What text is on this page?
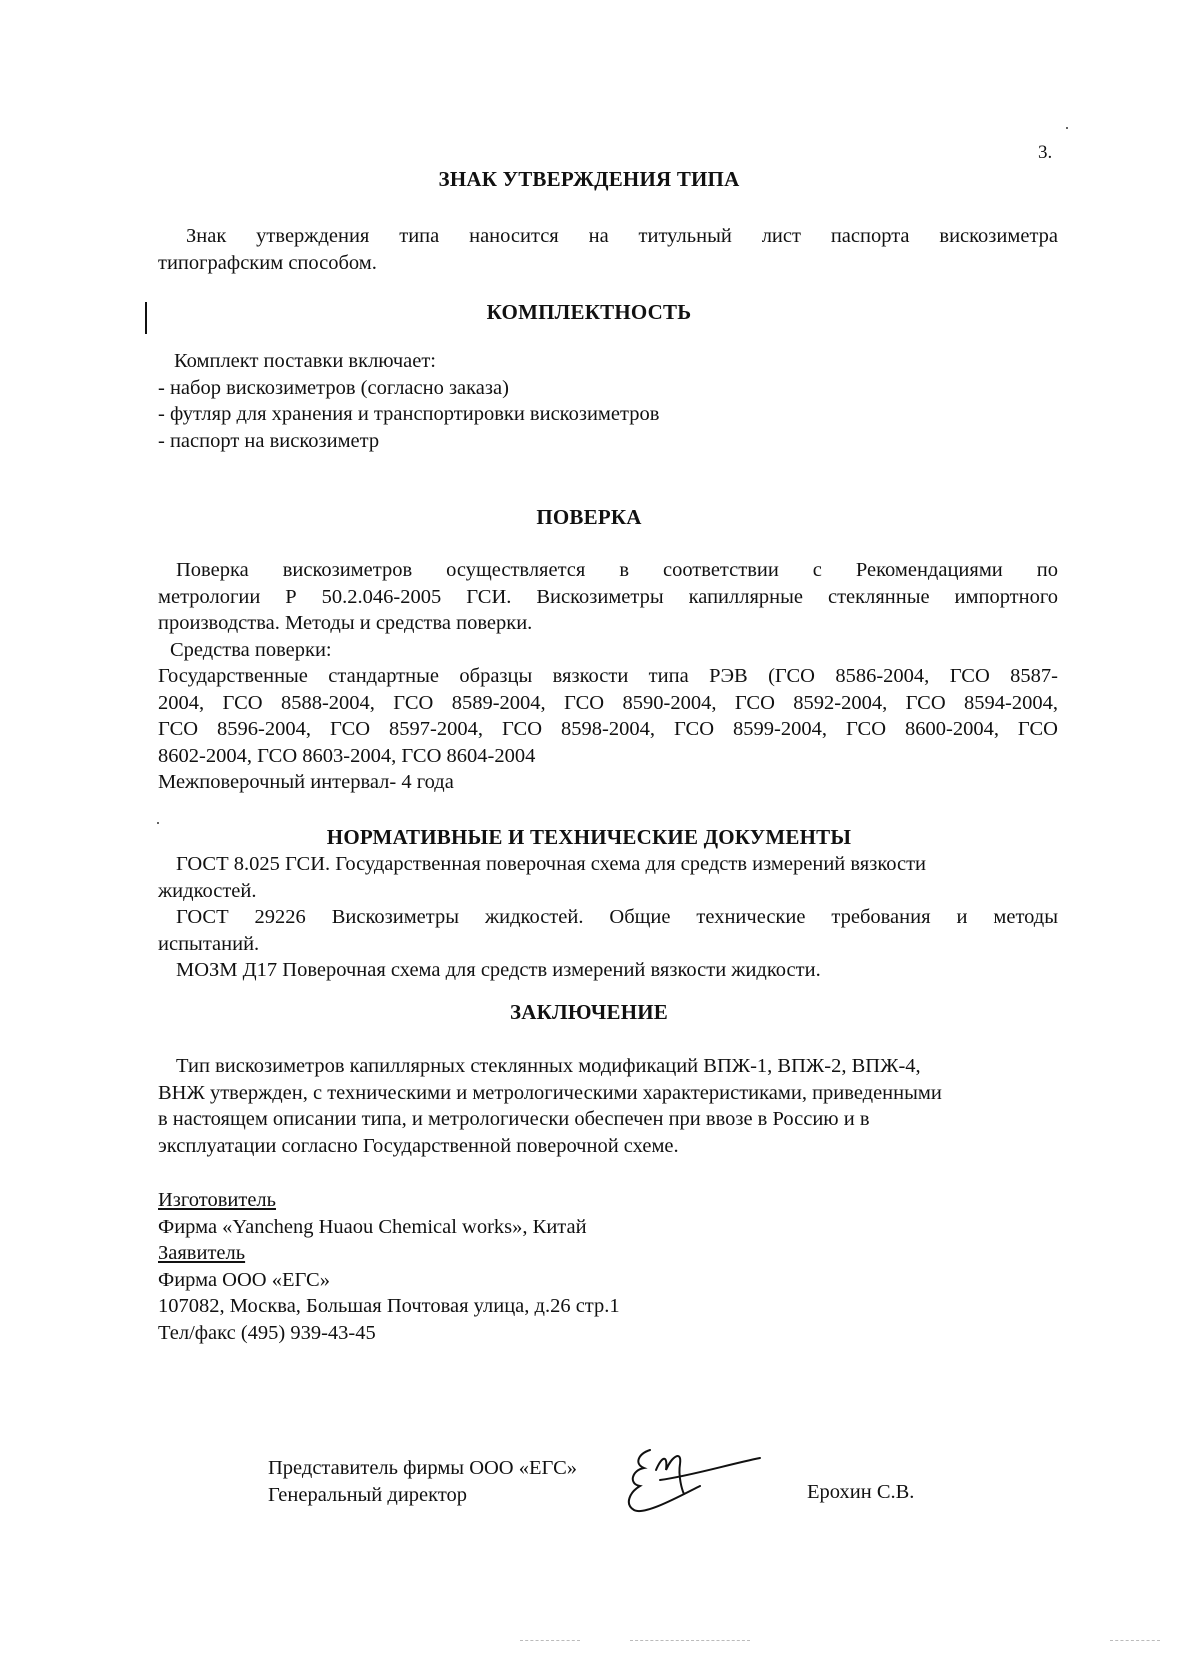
3.
ЗНАК УТВЕРЖДЕНИЯ ТИПА
Знак утверждения типа наносится на титульный лист паспорта вискозиметра
типографским способом.
КОМПЛЕКТНОСТЬ
Комплект поставки включает:
- набор вискозиметров (согласно заказа)
- футляр для хранения и транспортировки вискозиметров
- паспорт на вискозиметр
ПОВЕРКА
Поверка вискозиметров осуществляется в соответствии с Рекомендациями по
метрологии Р 50.2.046-2005 ГСИ. Вискозиметры капиллярные стеклянные импортного
производства. Методы и средства поверки.
Средства поверки:
Государственные стандартные образцы вязкости типа РЭВ (ГСО 8586-2004, ГСО 8587-
2004, ГСО 8588-2004, ГСО 8589-2004, ГСО 8590-2004, ГСО 8592-2004, ГСО 8594-2004,
ГСО 8596-2004, ГСО 8597-2004, ГСО 8598-2004, ГСО 8599-2004, ГСО 8600-2004, ГСО
8602-2004, ГСО 8603-2004, ГСО 8604-2004
Межповерочный интервал- 4 года
НОРМАТИВНЫЕ И ТЕХНИЧЕСКИЕ ДОКУМЕНТЫ
ГОСТ 8.025 ГСИ. Государственная поверочная схема для средств измерений вязкости
жидкостей.
ГОСТ 29226 Вискозиметры жидкостей. Общие технические требования и методы
испытаний.
МОЗМ Д17 Поверочная схема для средств измерений вязкости жидкости.
ЗАКЛЮЧЕНИЕ
Тип вискозиметров капиллярных стеклянных модификаций ВПЖ-1, ВПЖ-2, ВПЖ-4,
ВНЖ утвержден, с техническими и метрологическими характеристиками, приведенными
в настоящем описании типа, и метрологически обеспечен при ввозе в Россию и в
эксплуатации согласно Государственной поверочной схеме.
Изготовитель
Фирма «Yancheng Huaou Chemical works», Китай
Заявитель
Фирма ООО «ЕГС»
107082, Москва, Большая Почтовая улица, д.26 стр.1
Тел/факс (495) 939-43-45
Представитель фирмы ООО «ЕГС»
Генеральный директор	Ерохин С.В.
